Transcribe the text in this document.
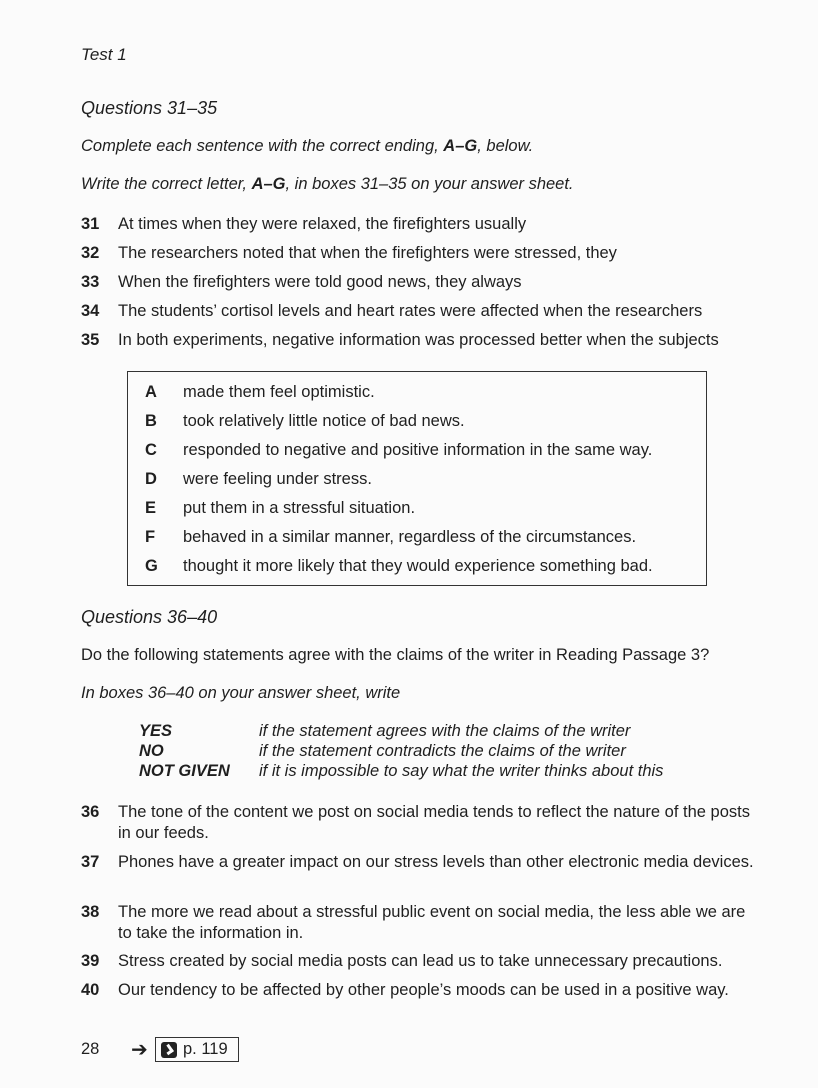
Test 1
Questions 31–35
Complete each sentence with the correct ending, A–G, below.
Write the correct letter, A–G, in boxes 31–35 on your answer sheet.
31 At times when they were relaxed, the firefighters usually
32 The researchers noted that when the firefighters were stressed, they
33 When the firefighters were told good news, they always
34 The students’ cortisol levels and heart rates were affected when the researchers
35 In both experiments, negative information was processed better when the subjects
A made them feel optimistic.
B took relatively little notice of bad news.
C responded to negative and positive information in the same way.
D were feeling under stress.
E put them in a stressful situation.
F behaved in a similar manner, regardless of the circumstances.
G thought it more likely that they would experience something bad.
Questions 36–40
Do the following statements agree with the claims of the writer in Reading Passage 3?
In boxes 36–40 on your answer sheet, write
YES	if the statement agrees with the claims of the writer
NO	if the statement contradicts the claims of the writer
NOT GIVEN if it is impossible to say what the writer thinks about this
36 The tone of the content we post on social media tends to reflect the nature of the posts in our feeds.
37 Phones have a greater impact on our stress levels than other electronic media devices.
38 The more we read about a stressful public event on social media, the less able we are to take the information in.
39 Stress created by social media posts can lead us to take unnecessary precautions.
40 Our tendency to be affected by other people’s moods can be used in a positive way.
28 ➔ p. 119
